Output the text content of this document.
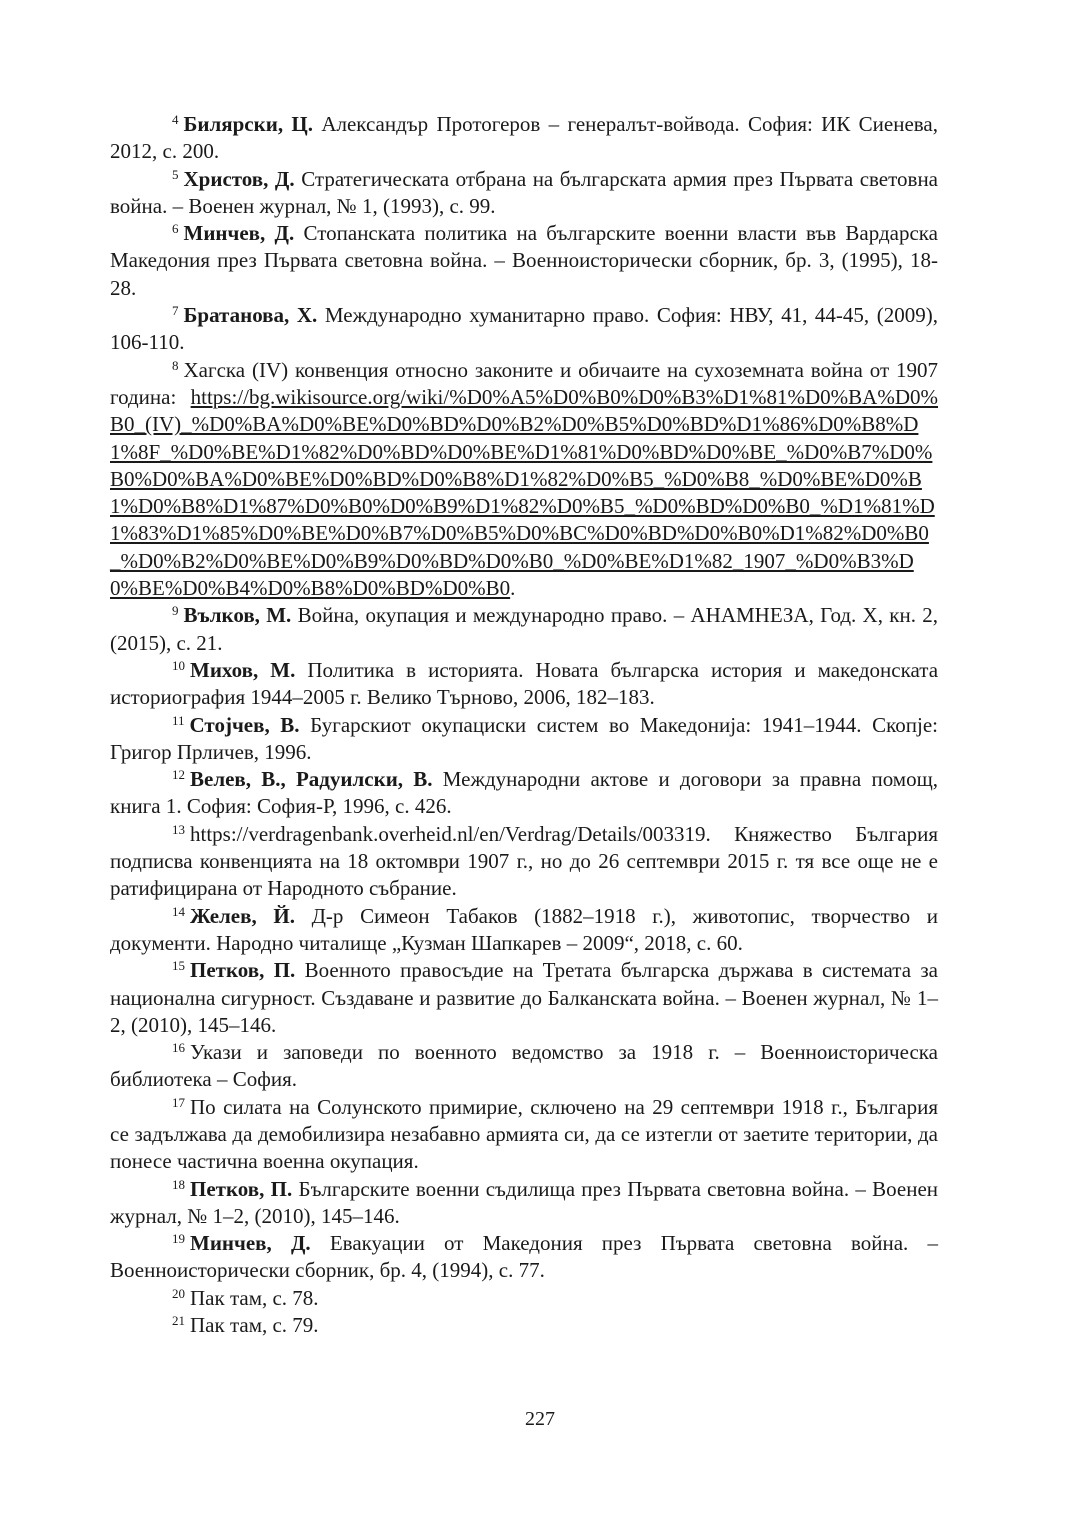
$^4$ Билярски, Ц. Александър Протогеров – генералът-войвода. София: ИК Сиенева, 2012, с. 200.

$^5$ Христов, Д. Стратегическата отбрана на българската армия през Първата световна война. – Военен журнал, № 1, (1993), с. 99.

$^6$ Минчев, Д. Стопанската политика на българските военни власти във Вардарска Македония през Първата световна война. – Военноисторически сборник, бр. 3, (1995), 18-28.

$^7$ Братанова, Х. Международно хуманитарно право. София: НВУ, 41, 44-45, (2009), 106-110.

$^8$ Хагска (IV) конвенция относно законите и обичаите на сухоземната война от 1907 година: https://bg.wikisource.org/wiki/%D0%A5%D0%B0%D0%B3%D1%81%D0%BA%D0%B0_(IV)_%D0%BA%D0%BE%D0%BD%D0%B2%D0%B5%D0%BD%D1%86%D0%B8%D1%8F_%D0%BE%D1%82%D0%BD%D0%BE%D1%81%D0%BD%D0%BE_%D0%B7%D0%B0%D0%BA%D0%BE%D0%BD%D0%B8%D1%82%D0%B5_%D0%B8_%D0%BE%D0%B1%D0%B8%D1%87%D0%B0%D0%B9%D1%82%D0%B5_%D0%BD%D0%B0_%D1%81%D1%83%D1%85%D0%BE%D0%B7%D0%B5%D0%BC%D0%BD%D0%B0%D1%82%D0%B0_%D0%B2%D0%BE%D0%B9%D0%BD%D0%B0_%D0%BE%D1%82_1907_%D0%B3%D0%BE%D0%B4%D0%B8%D0%BD%D0%B0.

$^9$ Вълков, М. Война, окупация и международно право. – АНАМНЕЗА, Год. X, кн. 2, (2015), с. 21.

$^{10}$ Михов, М. Политика в историята. Новата българска история и македонската историография 1944–2005 г. Велико Търново, 2006, 182–183.

$^{11}$ Стојчев, В. Бугарскиот окупациски систем во Македонија: 1941–1944. Скопје: Григор Прличев, 1996.

$^{12}$ Велев, В., Радуилски, В. Международни актове и договори за правна помощ, книга 1. София: София-Р, 1996, с. 426.

$^{13}$ https://verdragenbank.overheid.nl/en/Verdrag/Details/003319. Княжество България подписва конвенцията на 18 октомври 1907 г., но до 26 септември 2015 г. тя все още не е ратифицирана от Народното събрание.

$^{14}$ Желев, Й. Д-р Симеон Табаков (1882–1918 г.), животопис, творчество и документи. Народно читалище „Кузман Шапкарев – 2009“, 2018, с. 60.

$^{15}$ Петков, П. Военното правосъдие на Третата българска държава в системата за национална сигурност. Създаване и развитие до Балканската война. – Военен журнал, № 1–2, (2010), 145–146.

$^{16}$ Укази и заповеди по военното ведомство за 1918 г. – Военноисторическа библиотека – София.

$^{17}$ По силата на Солунското примирие, сключено на 29 септември 1918 г., България се задължава да демобилизира незабавно армията си, да се изтегли от заетите територии, да понесе частична военна окупация.

$^{18}$ Петков, П. Българските военни съдилища през Първата световна война. – Военен журнал, № 1–2, (2010), 145–146.

$^{19}$ Минчев, Д. Евакуации от Македония през Първата световна война. – Военноисторически сборник, бр. 4, (1994), с. 77.

$^{20}$ Пак там, с. 78.

$^{21}$ Пак там, с. 79.

227
